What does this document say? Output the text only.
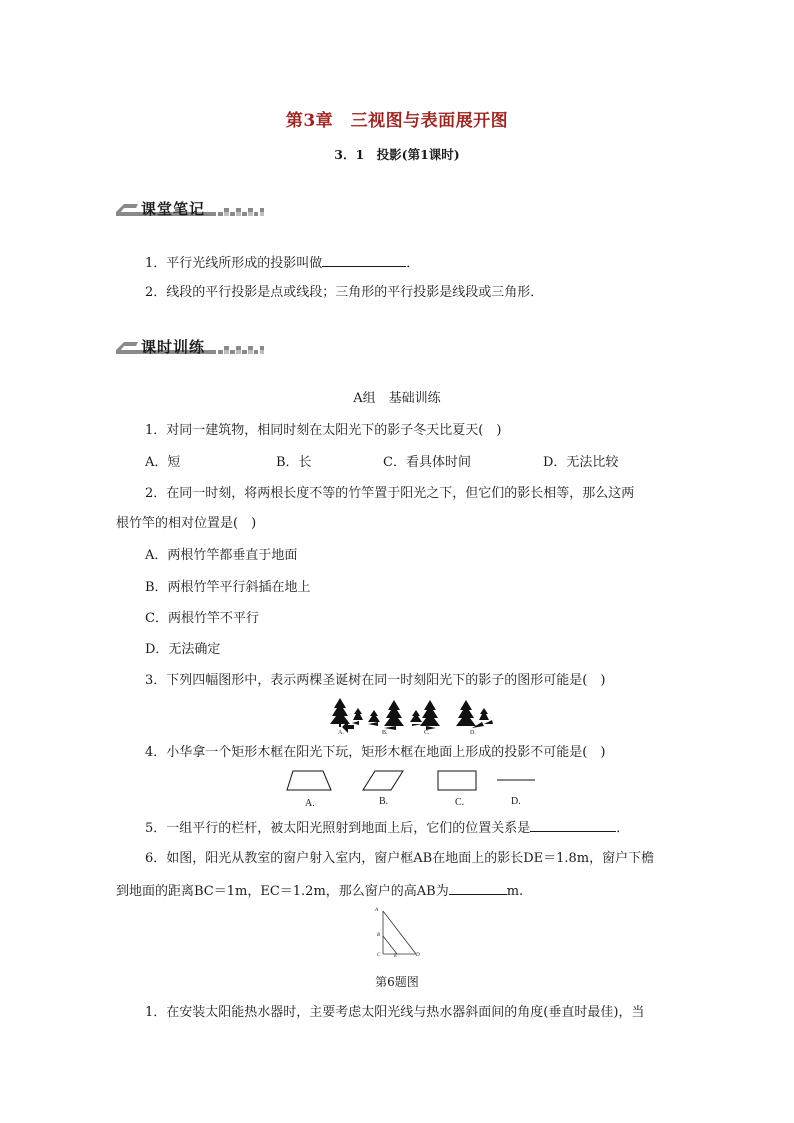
第3章　三视图与表面展开图
3．1　投影(第1课时)
课堂笔记
1．平行光线所形成的投影叫做	．
2．线段的平行投影是点或线段；三角形的平行投影是线段或三角形．
课时训练
A组　基础训练
1．对同一建筑物，相同时刻在太阳光下的影子冬天比夏天(　)
A．短	B．长	C．看具体时间	D．无法比较
2．在同一时刻，将两根长度不等的竹竿置于阳光之下，但它们的影长相等，那么这两
根竹竿的相对位置是(　)
A．两根竹竿都垂直于地面
B．两根竹竿平行斜插在地上
C．两根竹竿不平行
D．无法确定
3．下列四幅图形中，表示两棵圣诞树在同一时刻阳光下的影子的图形可能是(　)
A.	B.	C.	D.
4．小华拿一个矩形木框在阳光下玩，矩形木框在地面上形成的投影不可能是(　)
A.	B.	C.	D.
5．一组平行的栏杆，被太阳光照射到地面上后，它们的位置关系是	．
6．如图，阳光从教室的窗户射入室内，窗户框AB在地面上的影长DE＝1.8m，窗户下檐
到地面的距离BC＝1m，EC＝1.2m，那么窗户的高AB为	m.
A
B
C	E	D
第6题图
1．在安装太阳能热水器时，主要考虑太阳光线与热水器斜面间的角度(垂直时最佳)，当
